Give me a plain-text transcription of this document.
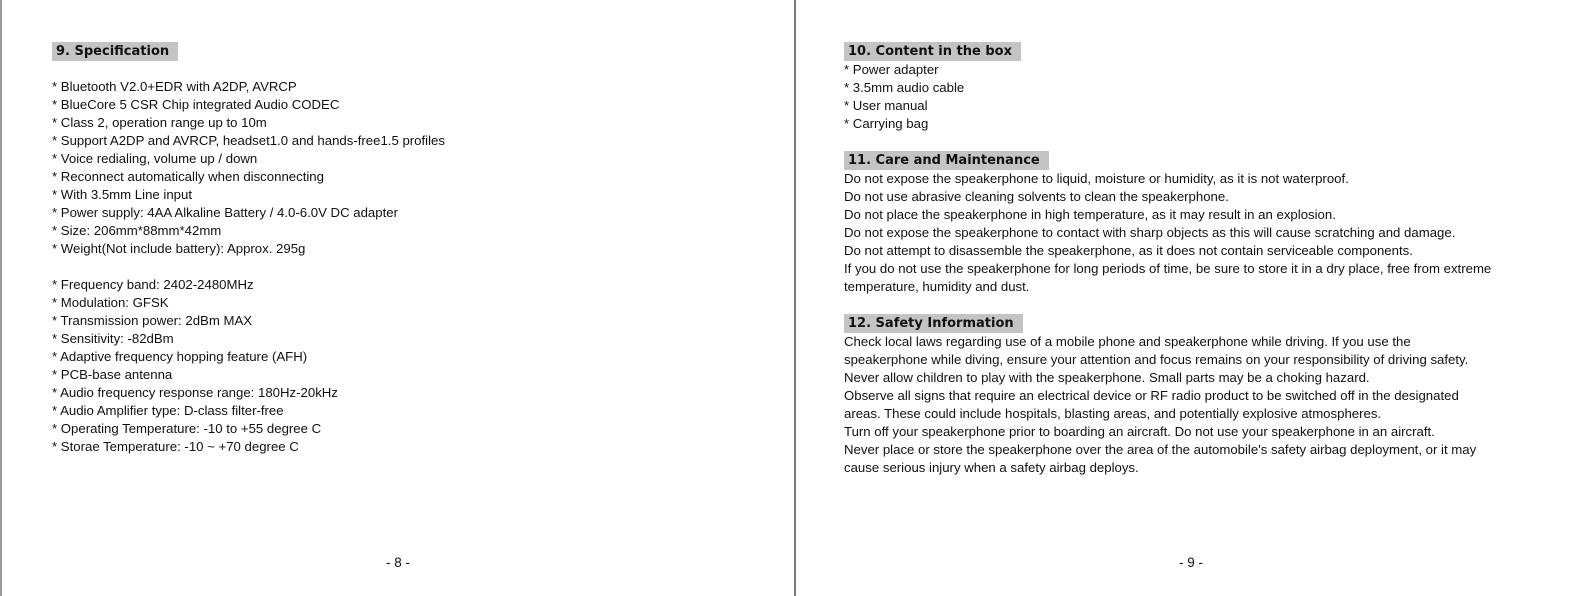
9. Specification
* Bluetooth V2.0+EDR with A2DP, AVRCP
* BlueCore 5 CSR Chip integrated Audio CODEC
* Class 2, operation range up to 10m
* Support A2DP and AVRCP, headset1.0 and hands-free1.5 profiles
* Voice redialing, volume up / down
* Reconnect automatically when disconnecting
* With 3.5mm Line input
* Power supply: 4AA Alkaline Battery / 4.0-6.0V DC adapter
* Size: 206mm*88mm*42mm
* Weight(Not include battery): Approx. 295g
* Frequency band: 2402-2480MHz
* Modulation: GFSK
* Transmission power: 2dBm MAX
* Sensitivity: -82dBm
* Adaptive frequency hopping feature (AFH)
* PCB-base antenna
* Audio frequency response range: 180Hz-20kHz
* Audio Amplifier type: D-class filter-free
* Operating Temperature: -10 to +55 degree C
* Storae Temperature: -10 ~ +70 degree C
- 8 -
10. Content in the box
* Power adapter
* 3.5mm audio cable
* User manual
* Carrying bag
11. Care and Maintenance
Do not expose the speakerphone to liquid, moisture or humidity, as it is not waterproof.
Do not use abrasive cleaning solvents to clean the speakerphone.
Do not place the speakerphone in high temperature, as it may result in an explosion.
Do not expose the speakerphone to contact with sharp objects as this will cause scratching and damage.
Do not attempt to disassemble the speakerphone, as it does not contain serviceable components.
If you do not use the speakerphone for long periods of time, be sure to store it in a dry place, free from extreme
temperature, humidity and dust.
12. Safety Information
Check local laws regarding use of a mobile phone and speakerphone while driving. If you use the
speakerphone while diving, ensure your attention and focus remains on your responsibility of driving safety.
Never allow children to play with the speakerphone. Small parts may be a choking hazard.
Observe all signs that require an electrical device or RF radio product to be switched off in the designated
areas. These could include hospitals, blasting areas, and potentially explosive atmospheres.
Turn off your speakerphone prior to boarding an aircraft. Do not use your speakerphone in an aircraft.
Never place or store the speakerphone over the area of the automobile's safety airbag deployment, or it may
cause serious injury when a safety airbag deploys.
- 9 -
